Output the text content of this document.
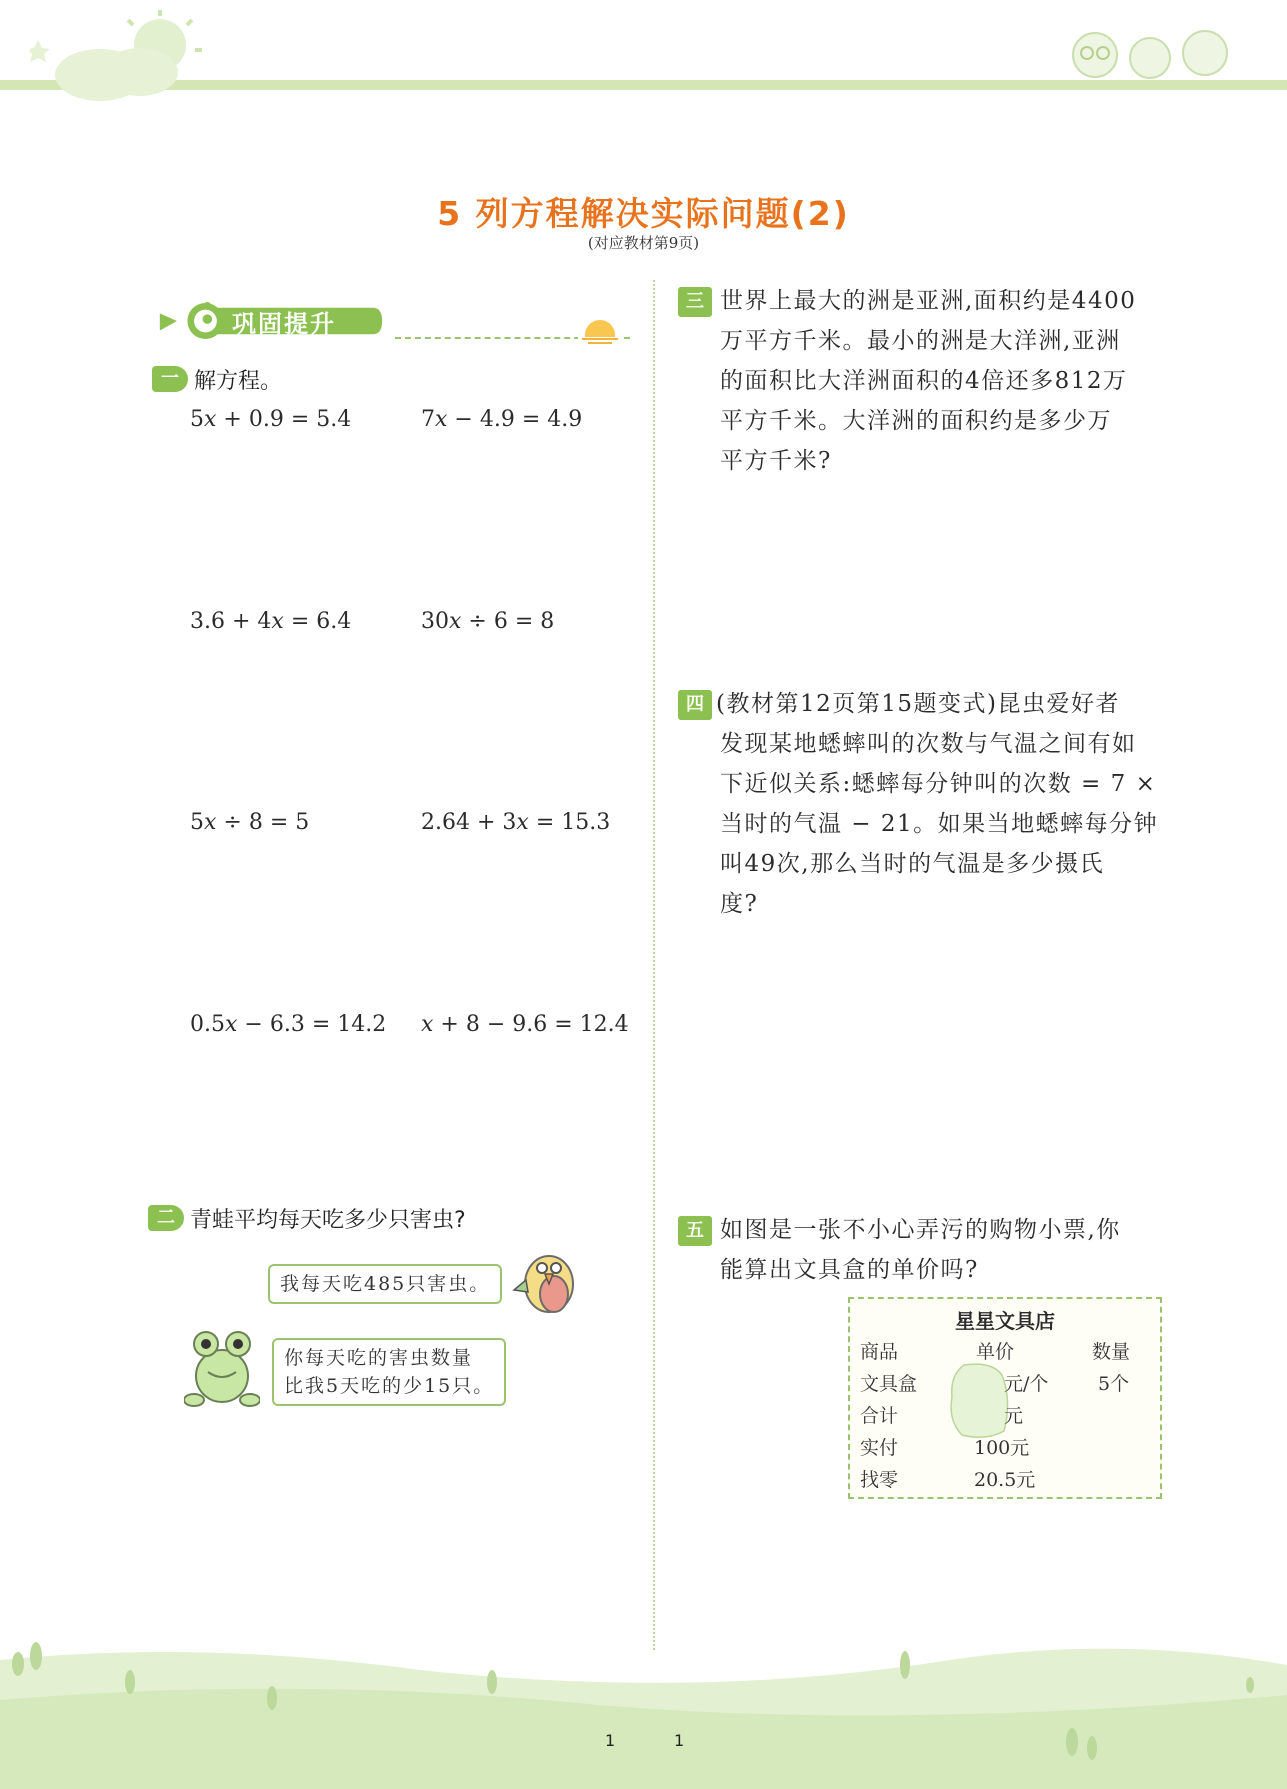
5 列方程解决实际问题(2)
(对应教材第9页)
巩固提升
一 解方程。
5x + 0.9 = 5.4	7x − 4.9 = 4.9
3.6 + 4x = 6.4	30x ÷ 6 = 8
5x ÷ 8 = 5	2.64 + 3x = 15.3
0.5x − 6.3 = 14.2 x + 8 − 9.6 = 12.4
二 青蛙平均每天吃多少只害虫?
我每天吃485只害虫。
你每天吃的害虫数量
比我5天吃的少15只。
三 世界上最大的洲是亚洲,面积约是4400
万平方千米。最小的洲是大洋洲,亚洲
的面积比大洋洲面积的4倍还多812万
平方千米。大洋洲的面积约是多少万
平方千米?
四 (教材第12页第15题变式)昆虫爱好者
发现某地蟋蟀叫的次数与气温之间有如
下近似关系:蟋蟀每分钟叫的次数 = 7 ×
当时的气温 − 21。如果当地蟋蟀每分钟
叫49次,那么当时的气温是多少摄氏
度?
五 如图是一张不小心弄污的购物小票,你
能算出文具盒的单价吗?
星星文具店
商品	单价	数量
文具盒	元/个	5个
合计	元
实付	100元
找零	20.5元
1	1
